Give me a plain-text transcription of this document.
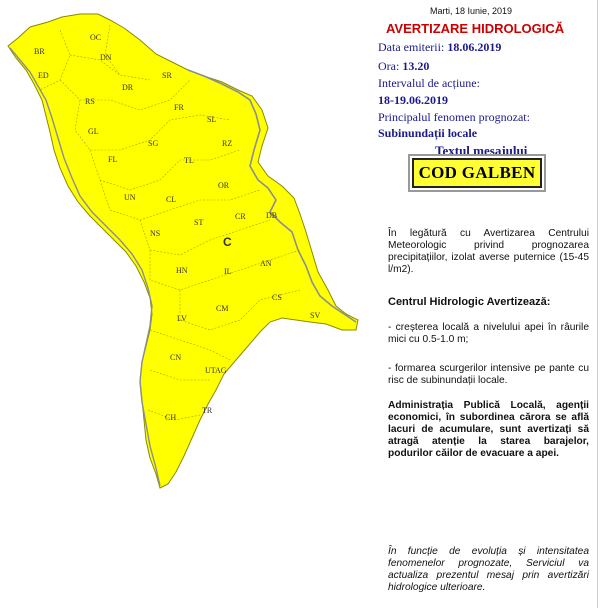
OC
BR
DN
ED	SR
DR
RS
FR
SL
GL
SG	RZ
FL	TL
OR
UN	CL
DB
ST
CR
NS
C
HN	IL
AN
CS
LV
CM
SV
CN
UTAG
CH
TR
Marti, 18 Iunie, 2019
AVERTIZARE HIDROLOGICĂ
Data emiterii: 18.06.2019
Ora: 13.20
Intervalul de acțiune:
18-19.06.2019
Principalul fenomen prognozat:
Subinundații locale
Textul mesajului
COD GALBEN
În legătură cu Avertizarea Centrului Meteorologic privind prognozarea precipitațiilor, izolat averse puternice (15-45 l/m2).
Centrul Hidrologic Avertizează:
- creșterea locală a nivelului apei în râurile mici cu 0.5-1.0 m;
- formarea scurgerilor intensive pe pante cu risc de subinundații locale.
Administrația Publică Locală, agenții economici, în subordinea cărora se află lacuri de acumulare, sunt avertizați să atragă atenție la starea barajelor, podurilor căilor de evacuare a apei.
În funcție de evoluția și intensitatea fenomenelor prognozate, Serviciul va actualiza prezentul mesaj prin avertizări hidrologice ulterioare.
